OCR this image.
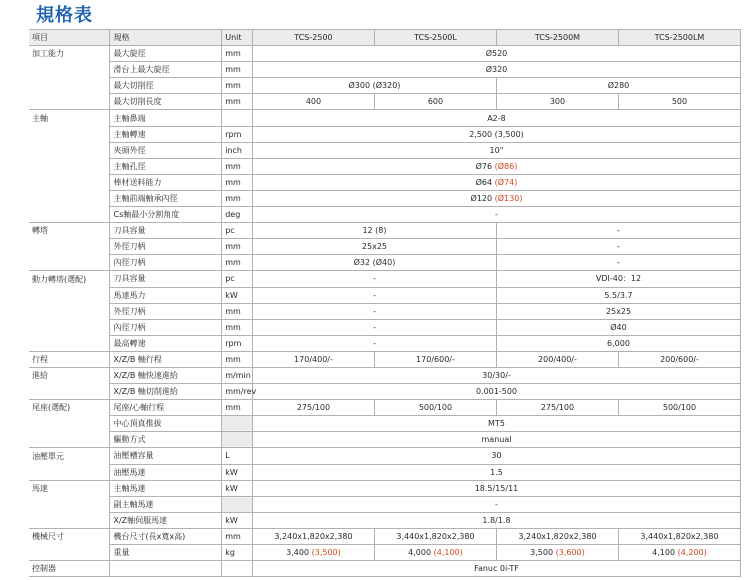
規格表
項目	規格	Unit	TCS-2500	TCS-2500L	TCS-2500M	TCS-2500LM
加工能力	最大旋徑	mm	Ø520			
	滑台上最大旋徑	mm	Ø320			
	最大切削徑	mm	Ø300 (Ø320)		Ø280	
	最大切削長度	mm	400	600	300	500
主軸	主軸鼻端		A2-8			
	主軸轉速	rpm	2,500 (3,500)			
	夾頭外徑	inch	10"			
	主軸孔徑	mm	Ø76 (Ø86)			
	棒材送料能力	mm	Ø64 (Ø74)			
	主軸前端軸承內徑	mm	Ø120 (Ø130)			
	Cs軸最小分割角度	deg	-			
轉塔	刀具容量	pc	12 (8)		-	
	外徑刀柄	mm	25x25		-	
	內徑刀柄	mm	Ø32 (Ø40)		-	
動力轉塔(選配)	刀具容量	pc	-		VDI-40：12	
	馬達馬力	kW	-		5.5/3.7	
	外徑刀柄	mm	-		25x25	
	內徑刀柄	mm	-		Ø40	
	最高轉速	rpm	-		6,000	
行程	X/Z/B 軸行程	mm	170/400/-	170/600/-	200/400/-	200/600/-
進給	X/Z/B 軸快速進給	m/min	30/30/-			
	X/Z/B 軸切削進給	mm/rev	0.001-500			
尾座(選配)	尾座/心軸行程	mm	275/100	500/100	275/100	500/100
	中心頂真推拔		MT5			
	驅動方式		manual			
油壓單元	油壓槽容量	L	30			
	油壓馬達	kW	1.5			
馬達	主軸馬達	kW	18.5/15/11			
	副主軸馬達		-			
	X/Z軸伺服馬達	kW	1.8/1.8			
機械尺寸	機台尺寸(長x寬x高)	mm	3,240x1,820x2,380	3,440x1,820x2,380	3,240x1,820x2,380	3,440x1,820x2,380
	重量	kg	3,400 (3,500)	4,000 (4,100)	3,500 (3,600)	4,100 (4,200)
控制器			Fanuc 0i-TF			
